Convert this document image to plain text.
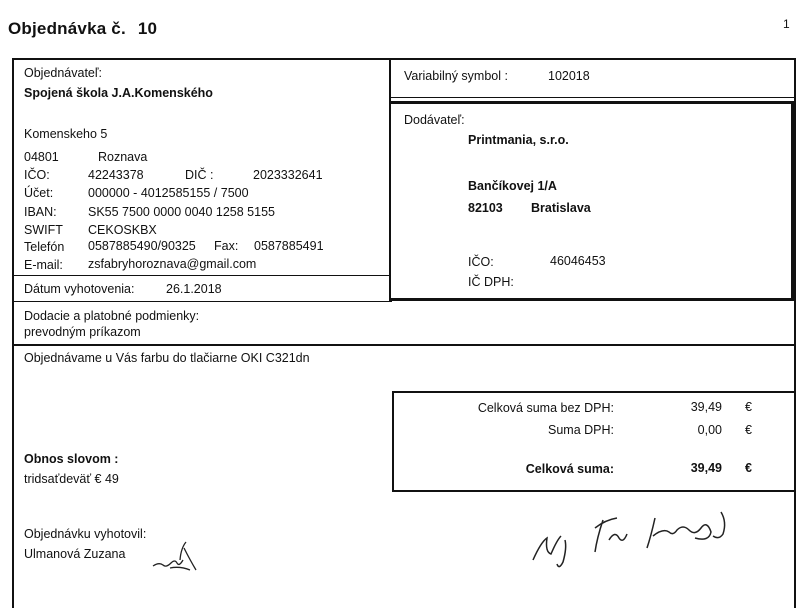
Objednávka č. 10	1
Objednávateľ:
Spojená škola J.A.Komenského
Komenskeho 5
04801	Roznava
IČO:	42243378	DIČ :	2023332641
Účet:	000000 - 4012585155 / 7500
IBAN:	SK55 7500 0000 0040 1258 5155
SWIFT CEKOSKBX
Telefón 0587885490/90325 Fax: 0587885491
E-mail: zsfabryhoroznava@gmail.com
Dátum vyhotovenia:	26.1.2018
Variabilný symbol :	102018
Dodávateľ:
Printmania, s.r.o.
Bančíkovej 1/A
82103 Bratislava
IČO:	46046453
IČ DPH:
Dodacie a platobné podmienky:
prevodným príkazom
Objednávame u Vás farbu do tlačiarne OKI C321dn
Celková suma bez DPH:	39,49 €
Suma DPH:	0,00 €
Celková suma:	39,49 €
Obnos slovom :
tridsaťdeväť € 49
Objednávku vyhotovil:
Ulmanová Zuzana
